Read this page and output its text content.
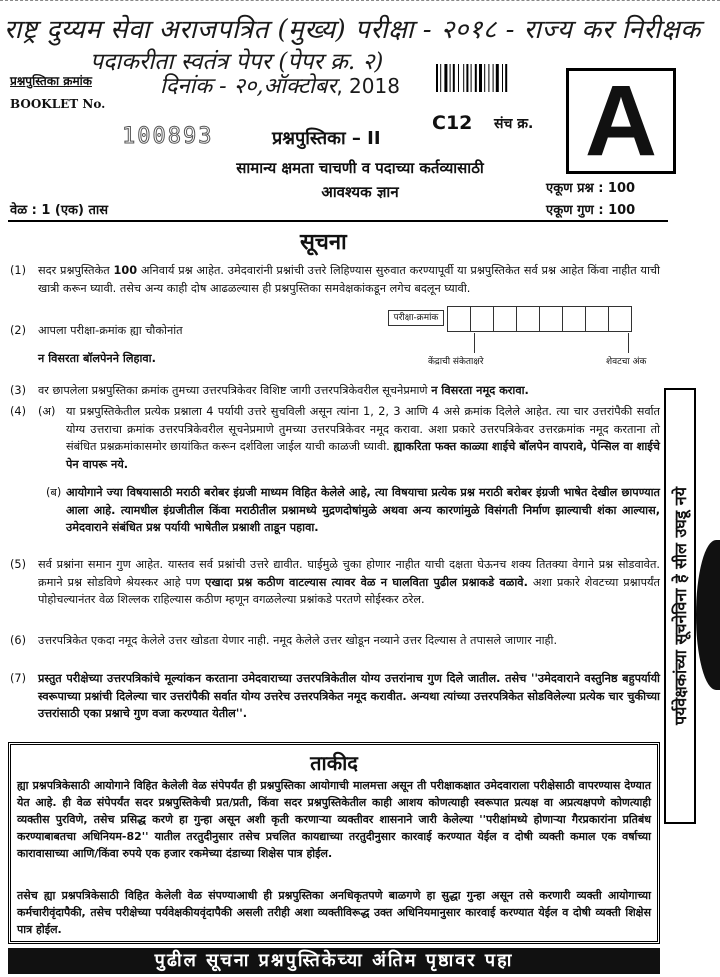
राष्ट्र दुय्यम सेवा अराजपत्रित (मुख्य) परीक्षा - २०१८ - राज्य कर निरीक्षक
पदाकरीता स्वतंत्र पेपर (पेपर क्र. २)
दिनांक - २०,ऑक्टोबर, 2018
प्रश्नपुस्तिका क्रमांक
BOOKLET No.
C12 संच क्र. A
100893	प्रश्नपुस्तिका – II
सामान्य क्षमता चाचणी व पदाच्या कर्तव्यासाठी
आवश्यक ज्ञान	एकूण प्रश्न : 100
एकूण गुण : 100
वेळ : 1 (एक) तास
सूचना
(1) सदर प्रश्नपुस्तिकेत 100 अनिवार्य प्रश्न आहेत. उमेदवारांनी प्रश्नांची उत्तरे लिहिण्यास सुरुवात करण्यापूर्वी या प्रश्नपुस्तिकेत सर्व प्रश्न आहेत किंवा नाहीत याची खात्री करून घ्यावी. तसेच अन्य काही दोष आढळल्यास ही प्रश्नपुस्तिका समवेक्षकांकडून लगेच बदलून घ्यावी.
(2) आपला परीक्षा-क्रमांक ह्या चौकोनांत
न विसरता बॉलपेनने लिहावा.
परीक्षा-क्रमांक
केंद्राची संकेताक्षरे	शेवटचा अंक
(3) वर छापलेला प्रश्नपुस्तिका क्रमांक तुमच्या उत्तरपत्रिकेवर विशिष्ट जागी उत्तरपत्रिकेवरील सूचनेप्रमाणे न विसरता नमूद करावा.
(4) (अ) या प्रश्नपुस्तिकेतील प्रत्येक प्रश्नाला 4 पर्यायी उत्तरे सुचविली असून त्यांना 1, 2, 3 आणि 4 असे क्रमांक दिलेले आहेत. त्या चार उत्तरांपैकी सर्वात योग्य उत्तराचा क्रमांक उत्तरपत्रिकेवरील सूचनेप्रमाणे तुमच्या उत्तरपत्रिकेवर नमूद करावा. अशा प्रकारे उत्तरपत्रिकेवर उत्तरक्रमांक नमूद करताना तो संबंधित प्रश्नक्रमांकासमोर छायांकित करून दर्शविला जाईल याची काळजी घ्यावी. ह्याकरिता फक्त काळ्या शाईचे बॉलपेन वापरावे, पेन्सिल वा शाईचे पेन वापरू नये.
(ब) आयोगाने ज्या विषयासाठी मराठी बरोबर इंग्रजी माध्यम विहित केलेले आहे, त्या विषयाचा प्रत्येक प्रश्न मराठी बरोबर इंग्रजी भाषेत देखील छापण्यात आला आहे. त्यामधील इंग्रजीतील किंवा मराठीतील प्रश्नामध्ये मुद्रणदोषांमुळे अथवा अन्य कारणांमुळे विसंगती निर्माण झाल्याची शंका आल्यास, उमेदवाराने संबंधित प्रश्न पर्यायी भाषेतील प्रश्नाशी ताडून पहावा.
(5) सर्व प्रश्नांना समान गुण आहेत. यास्तव सर्व प्रश्नांची उत्तरे द्यावीत. घाईमुळे चुका होणार नाहीत याची दक्षता घेऊनच शक्य तितक्या वेगाने प्रश्न सोडवावेत. क्रमाने प्रश्न सोडविणे श्रेयस्कर आहे पण एखादा प्रश्न कठीण वाटल्यास त्यावर वेळ न घालविता पुढील प्रश्नाकडे वळावे. अशा प्रकारे शेवटच्या प्रश्नापर्यंत पोहोचल्यानंतर वेळ शिल्लक राहिल्यास कठीण म्हणून वगळलेल्या प्रश्नांकडे परतणे सोईस्कर ठरेल.
(6) उत्तरपत्रिकेत एकदा नमूद केलेले उत्तर खोडता येणार नाही. नमूद केलेले उत्तर खोडून नव्याने उत्तर दिल्यास ते तपासले जाणार नाही.
(7) प्रस्तुत परीक्षेच्या उत्तरपत्रिकांचे मूल्यांकन करताना उमेदवाराच्या उत्तरपत्रिकेतील योग्य उत्तरांनाच गुण दिले जातील. तसेच ''उमेदवाराने वस्तुनिष्ठ बहुपर्यायी स्वरूपाच्या प्रश्नांची दिलेल्या चार उत्तरांपैकी सर्वात योग्य उत्तरेच उत्तरपत्रिकेत नमूद करावीत. अन्यथा त्यांच्या उत्तरपत्रिकेत सोडविलेल्या प्रत्येक चार चुकीच्या उत्तरांसाठी एका प्रश्नाचे गुण वजा करण्यात येतील''.
ताकीद
ह्या प्रश्नपत्रिकेसाठी आयोगाने विहित केलेली वेळ संपेपर्यंत ही प्रश्नपुस्तिका आयोगाची मालमत्ता असून ती परीक्षाकक्षात उमेदवाराला परीक्षेसाठी वापरण्यास देण्यात येत आहे. ही वेळ संपेपर्यंत सदर प्रश्नपुस्तिकेची प्रत/प्रती, किंवा सदर प्रश्नपुस्तिकेतील काही आशय कोणत्याही स्वरूपात प्रत्यक्ष वा अप्रत्यक्षपणे कोणत्याही व्यक्तीस पुरविणे, तसेच प्रसिद्ध करणे हा गुन्हा असून अशी कृती करणाऱ्या व्यक्तीवर शासनाने जारी केलेल्या ''परीक्षांमध्ये होणाऱ्या गैरप्रकारांना प्रतिबंध करण्याबाबतचा अधिनियम-82'' यातील तरतुदीनुसार तसेच प्रचलित कायद्याच्या तरतुदीनुसार कारवाई करण्यात येईल व दोषी व्यक्ती कमाल एक वर्षाच्या कारावासाच्या आणि/किंवा रुपये एक हजार रकमेच्या दंडाच्या शिक्षेस पात्र होईल.
तसेच ह्या प्रश्नपत्रिकेसाठी विहित केलेली वेळ संपण्याआधी ही प्रश्नपुस्तिका अनधिकृतपणे बाळगणे हा सुद्धा गुन्हा असून तसे करणारी व्यक्ती आयोगाच्या कर्मचारीवृंदापैकी, तसेच परीक्षेच्या पर्यवेक्षकीयवृंदापैकी असली तरीही अशा व्यक्तीविरूद्ध उक्त अधिनियमानुसार कारवाई करण्यात येईल व दोषी व्यक्ती शिक्षेस पात्र होईल.
पुढील सूचना प्रश्नपुस्तिकेच्या अंतिम पृष्ठावर पहा
पर्यवेक्षकांच्या सूचनेविना हे सील उघडू नये
